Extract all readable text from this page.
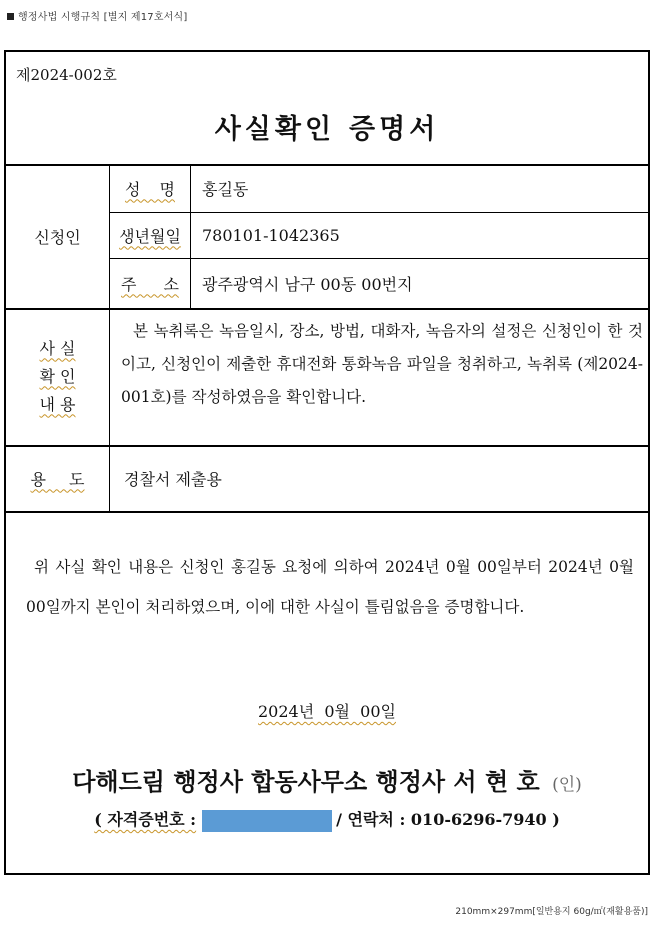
행정사법 시행규칙 [별지 제17호서식]
제2024-002호
사실확인 증명서
신청인
성 명 홍길동
생년월일 780101-1042365
주 소 광주광역시 남구 00동 00번지
사 실
확 인
내 용
본 녹취록은 녹음일시, 장소, 방법, 대화자, 녹음자의 설정은 신청인이 한 것이고, 신청인이 제출한 휴대전화 통화녹음 파일을 청취하고, 녹취록 (제2024-001호)를 작성하였음을 확인합니다.
용 도 경찰서 제출용
위 사실 확인 내용은 신청인 홍길동 요청에 의하여 2024년 0월 00일부터 2024년 0월 00일까지 본인이 처리하였으며, 이에 대한 사실이 틀림없음을 증명합니다.
2024년  0월  00일
다해드림 행정사 합동사무소 행정사 서 현 호 (인)
( 자격증번호 :	/ 연락처 : 010-6296-7940 )
210mm×297mm[일반용지 60g/㎡(재활용품)]
